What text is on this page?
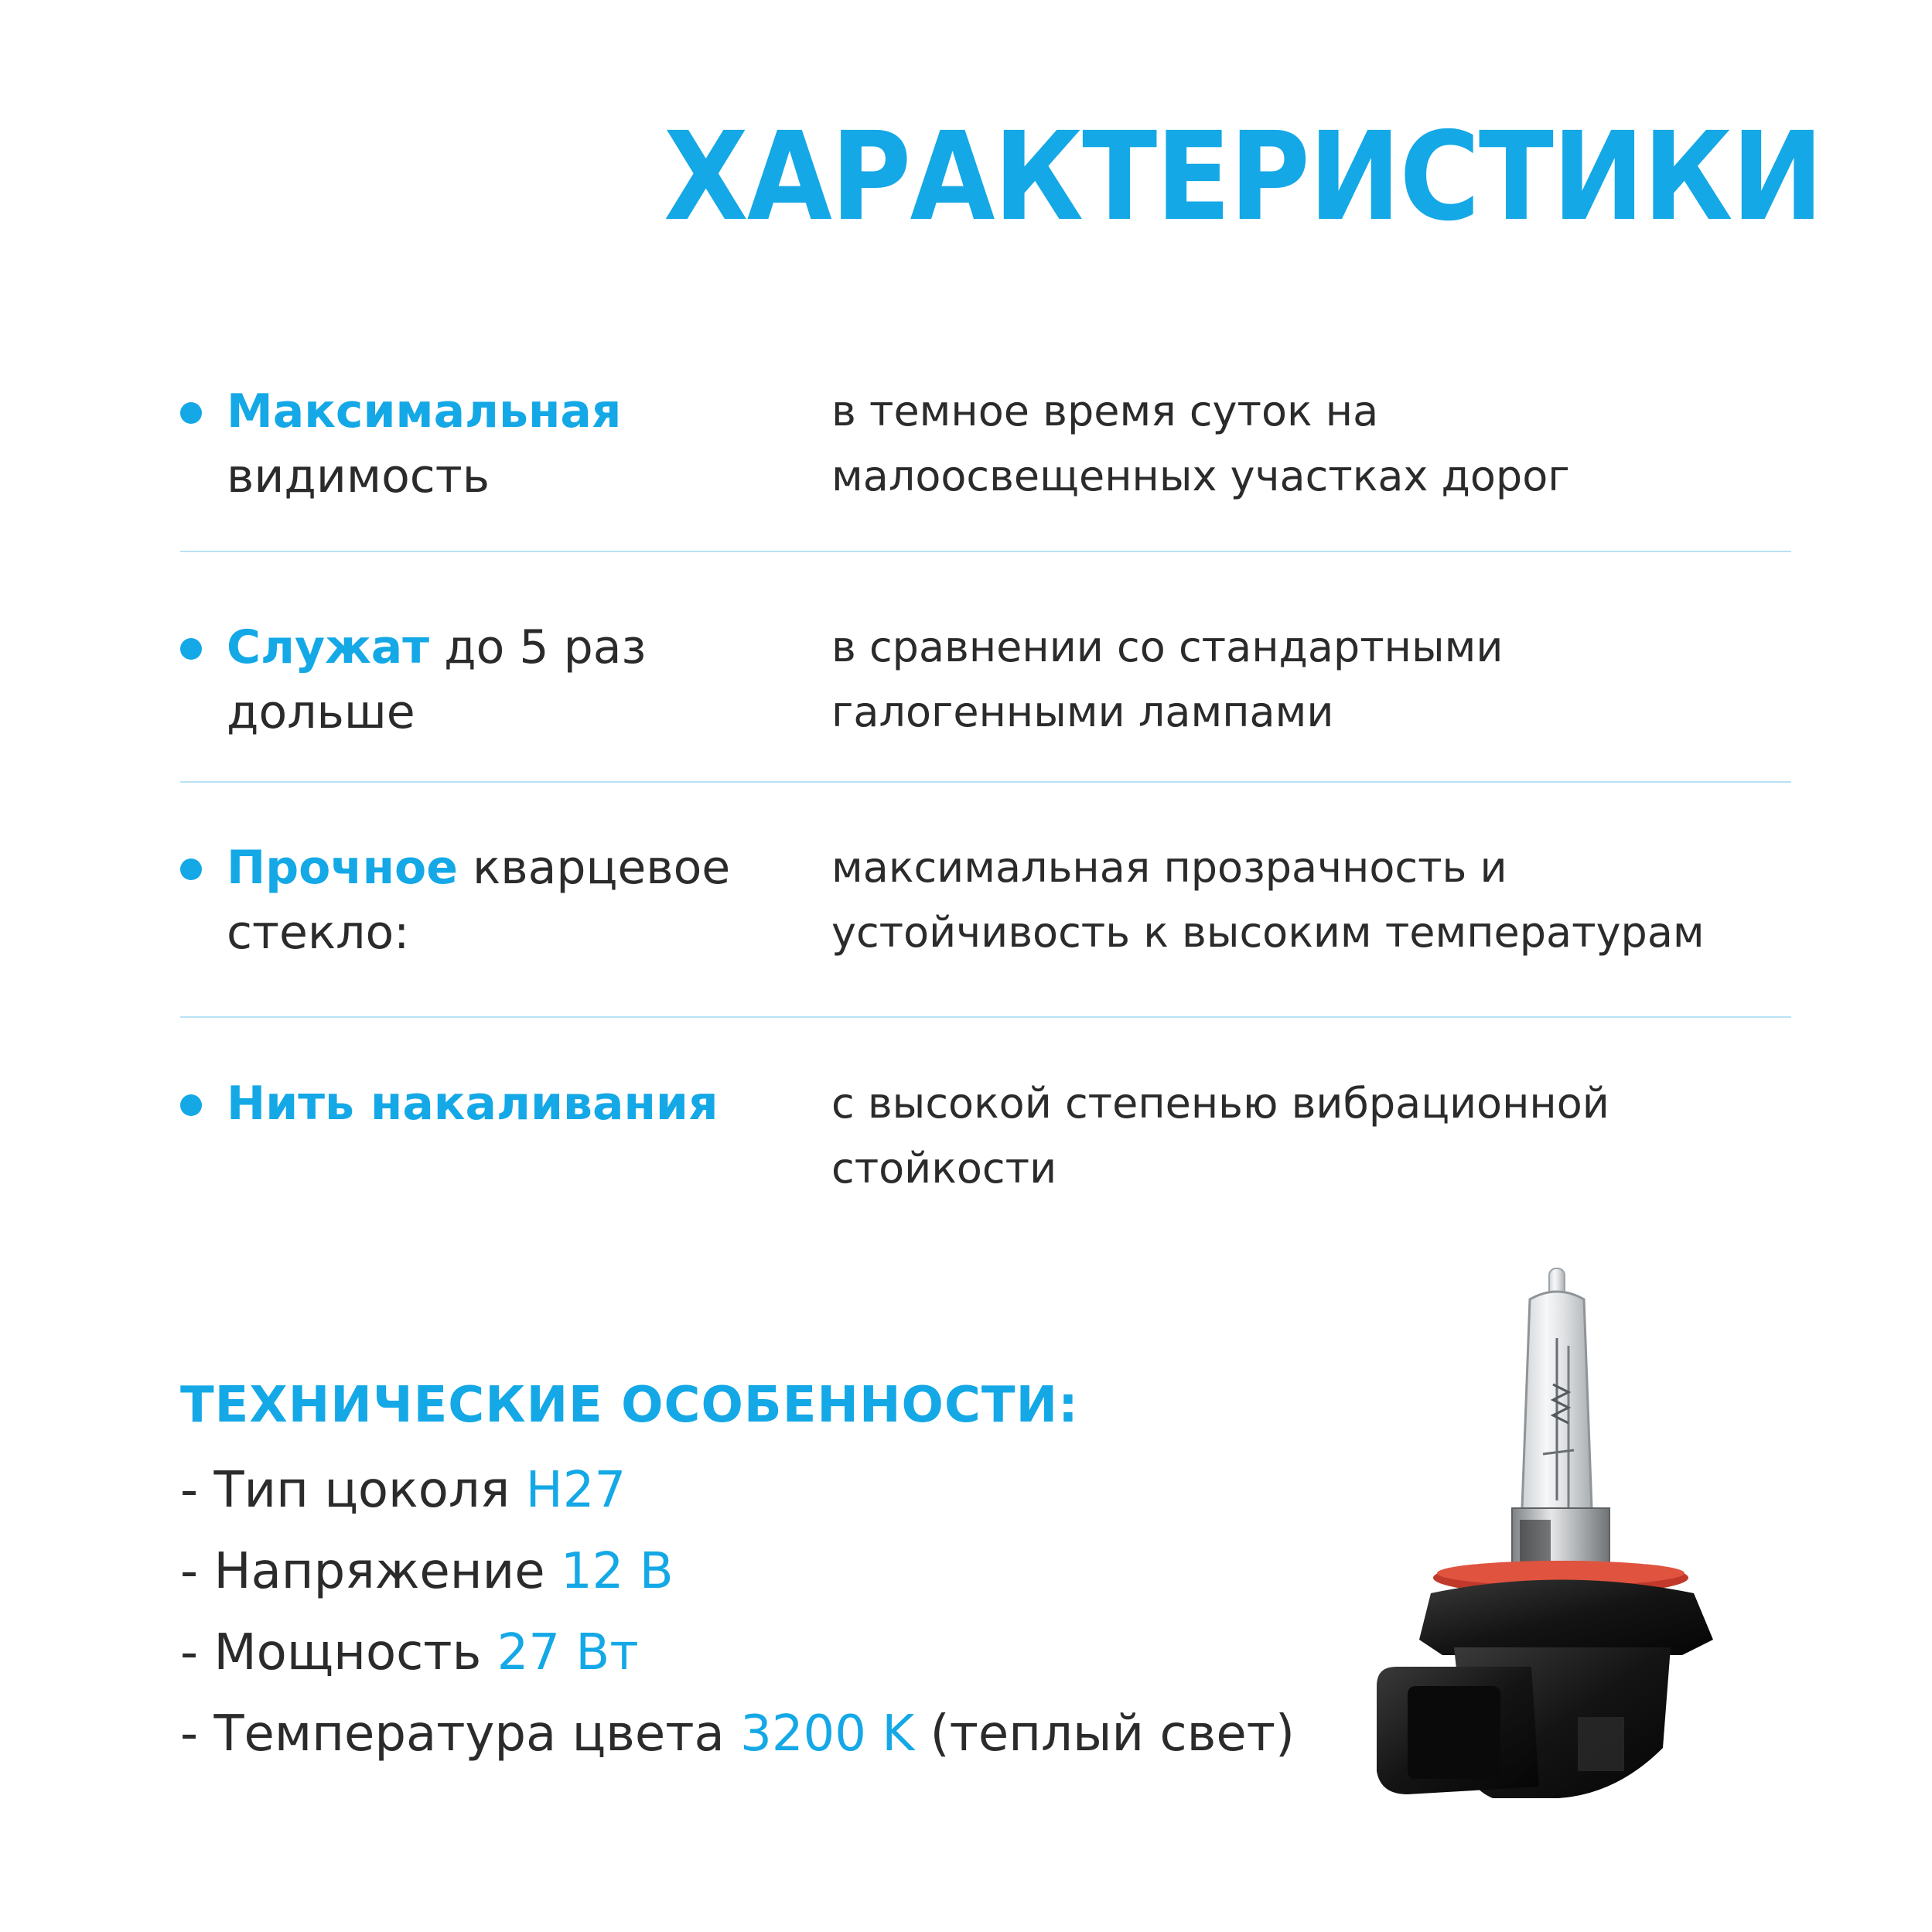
ХАРАКТЕРИСТИКИ
Максимальная
видимость
в темное время суток на
малоосвещенных участках дорог
Служат до 5 раз
дольше
в сравнении со стандартными
галогенными лампами
Прочное кварцевое
стекло:
максимальная прозрачность и
устойчивость к высоким температурам
Нить накаливания	с высокой степенью вибрационной
стойкости
ТЕХНИЧЕСКИЕ ОСОБЕННОСТИ:
- Тип цоколя H27
- Напряжение 12 В
- Мощность 27 Вт
- Температура цвета 3200 K (теплый свет)
